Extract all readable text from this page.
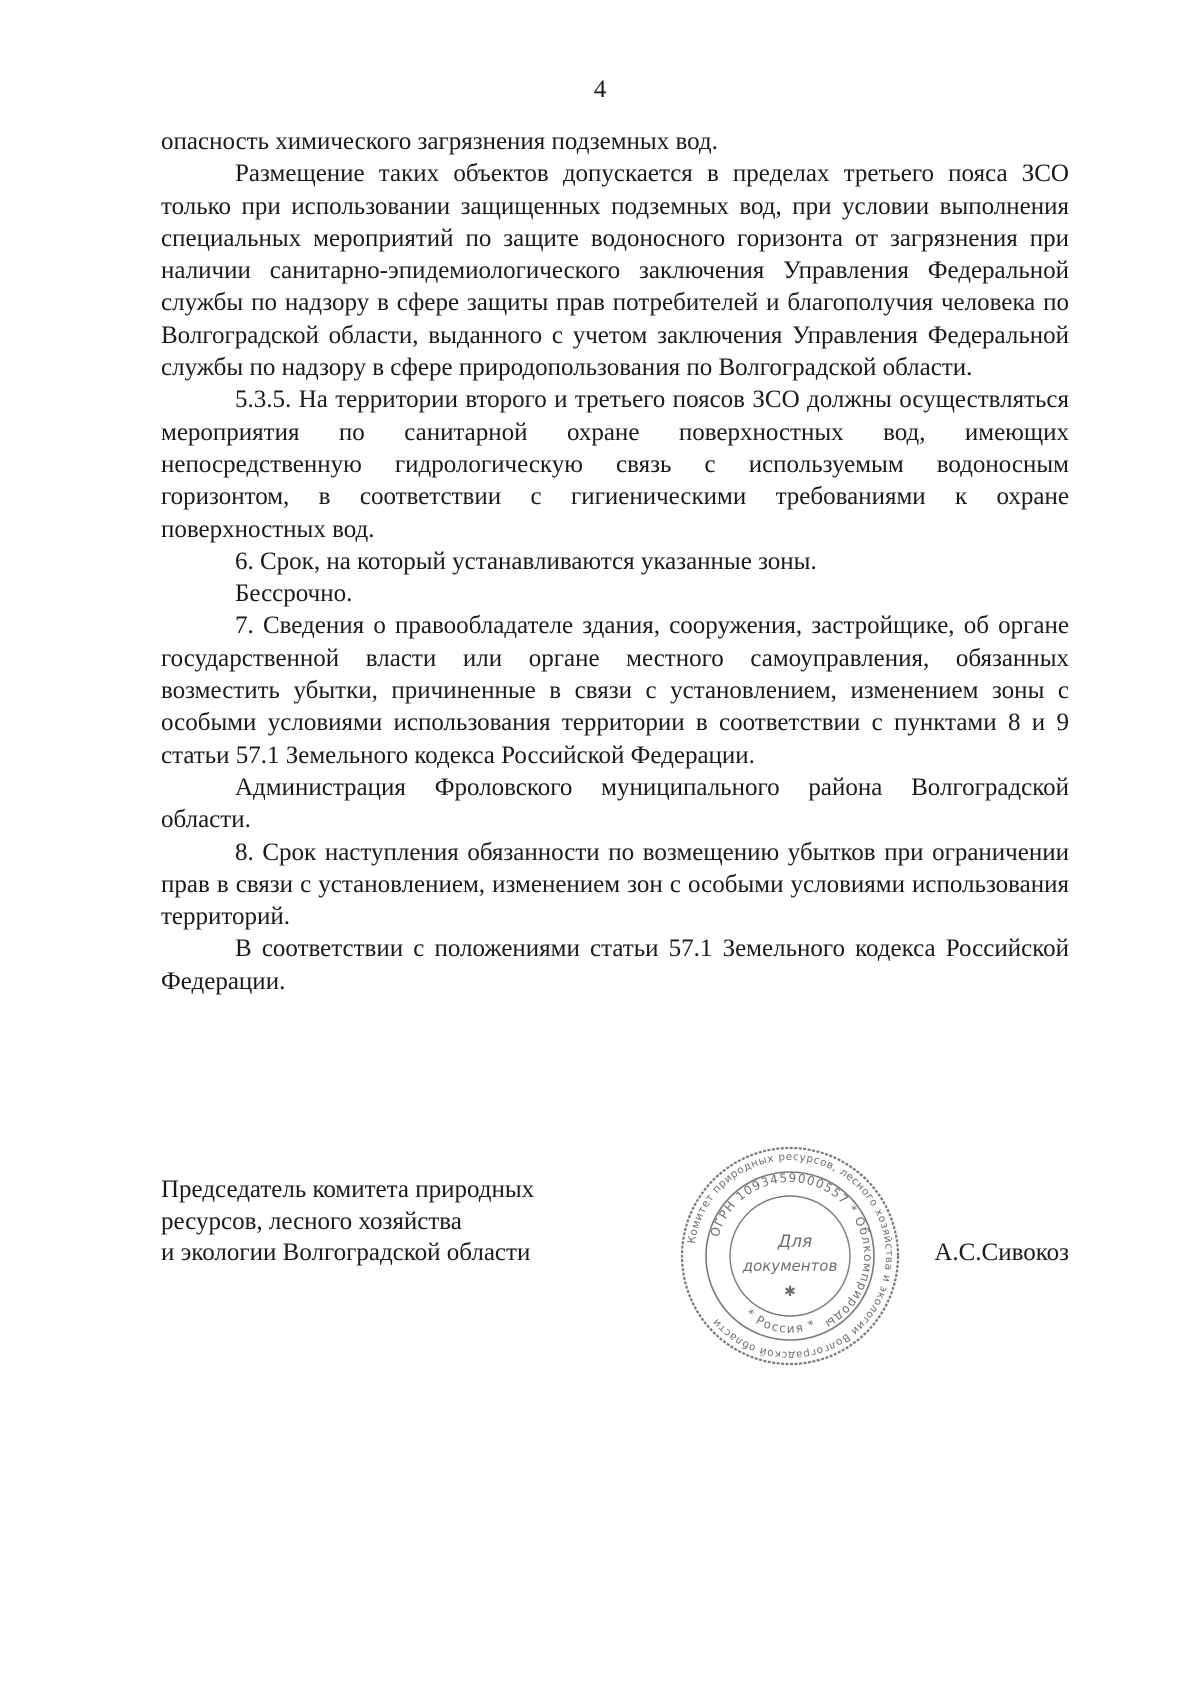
4

опасность химического загрязнения подземных вод.

Размещение таких объектов допускается в пределах третьего пояса ЗСО только при использовании защищенных подземных вод, при условии выполнения специальных мероприятий по защите водоносного горизонта от загрязнения при наличии санитарно-эпидемиологического заключения Управления Федеральной службы по надзору в сфере защиты прав потребителей и благополучия человека по Волгоградской области, выданного с учетом заключения Управления Федеральной службы по надзору в сфере природопользования по Волгоградской области.

5.3.5. На территории второго и третьего поясов ЗСО должны осуществляться мероприятия по санитарной охране поверхностных вод, имеющих непосредственную гидрологическую связь с используемым водоносным горизонтом, в соответствии с гигиеническими требованиями к охране поверхностных вод.

6. Срок, на который устанавливаются указанные зоны.

Бессрочно.

7. Сведения о правообладателе здания, сооружения, застройщике, об органе государственной власти или органе местного самоуправления, обязанных возместить убытки, причиненные в связи с установлением, изменением зоны с особыми условиями использования территории в соответствии с пунктами 8 и 9 статьи 57.1 Земельного кодекса Российской Федерации.

Администрация Фроловского муниципального района Волгоградской области.

8. Срок наступления обязанности по возмещению убытков при ограничении прав в связи с установлением, изменением зон с особыми условиями использования территорий.

В соответствии с положениями статьи 57.1 Земельного кодекса Российской Федерации.

Председатель комитета природных
ресурсов, лесного хозяйства
и экологии Волгоградской области	Комитет природных ресурсов, лесного хозяйства и экологии Волгоградской области
ОГРН 1093459000557 * Облкомприроды
* Россия *
Для
документов
✱
А.С.Сивокоз
